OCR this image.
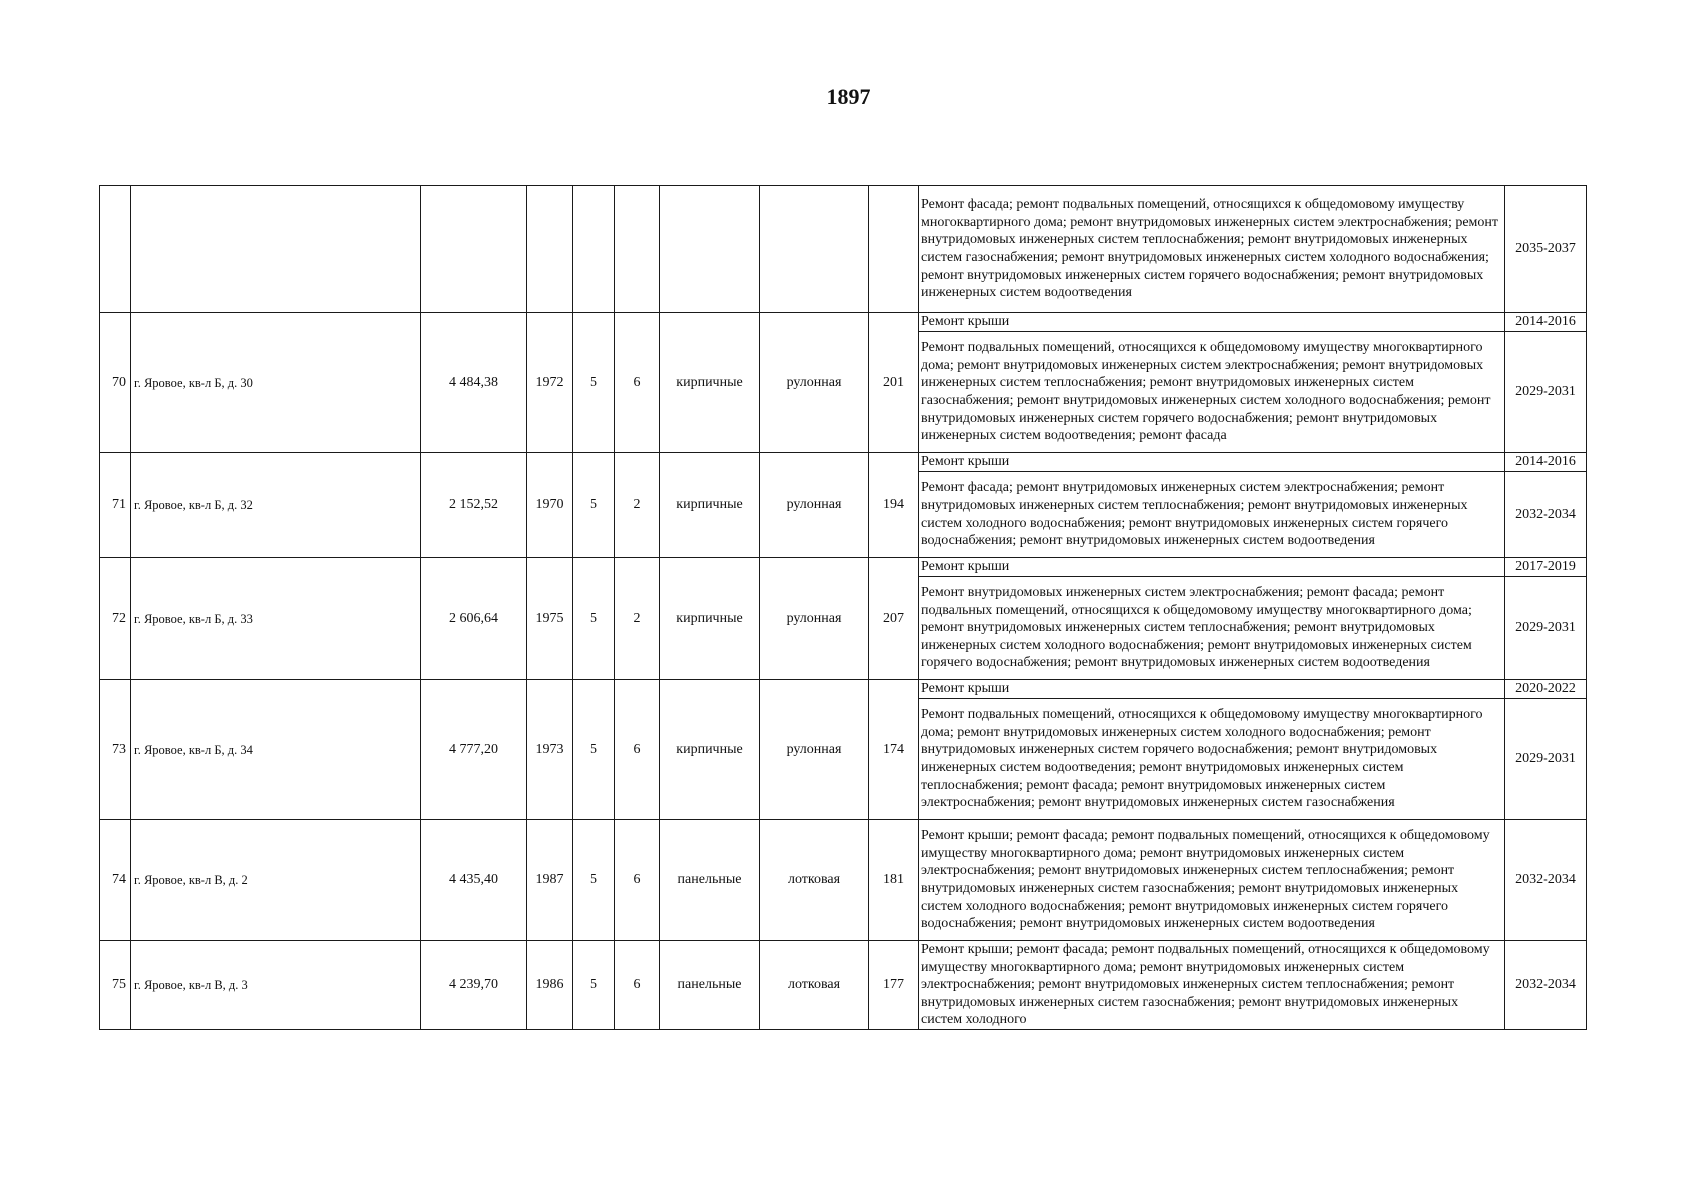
1897
									Ремонт фасада; ремонт подвальных помещений, относящихся к общедомовому имуществу многоквартирного дома; ремонт внутридомовых инженерных систем электроснабжения; ремонт внутридомовых инженерных систем теплоснабжения; ремонт внутридомовых инженерных систем газоснабжения; ремонт внутридомовых инженерных систем холодного водоснабжения; ремонт внутридомовых инженерных систем горячего водоснабжения; ремонт внутридомовых инженерных систем водоотведения	2035-2037
70	г. Яровое, кв-л Б, д. 30	4 484,38	1972	5	6	кирпичные	рулонная	201	Ремонт крыши	2014-2016
									Ремонт подвальных помещений, относящихся к общедомовому имуществу многоквартирного дома; ремонт внутридомовых инженерных систем электроснабжения; ремонт внутридомовых инженерных систем теплоснабжения; ремонт внутридомовых инженерных систем газоснабжения; ремонт внутридомовых инженерных систем холодного водоснабжения; ремонт внутридомовых инженерных систем горячего водоснабжения; ремонт внутридомовых инженерных систем водоотведения; ремонт фасада	2029-2031
71	г. Яровое, кв-л Б, д. 32	2 152,52	1970	5	2	кирпичные	рулонная	194	Ремонт крыши	2014-2016
									Ремонт фасада; ремонт внутридомовых инженерных систем электроснабжения; ремонт внутридомовых инженерных систем теплоснабжения; ремонт внутридомовых инженерных систем холодного водоснабжения; ремонт внутридомовых инженерных систем горячего водоснабжения; ремонт внутридомовых инженерных систем водоотведения	2032-2034
72	г. Яровое, кв-л Б, д. 33	2 606,64	1975	5	2	кирпичные	рулонная	207	Ремонт крыши	2017-2019
									Ремонт внутридомовых инженерных систем электроснабжения; ремонт фасада; ремонт подвальных помещений, относящихся к общедомовому имуществу многоквартирного дома; ремонт внутридомовых инженерных систем теплоснабжения; ремонт внутридомовых инженерных систем холодного водоснабжения; ремонт внутридомовых инженерных систем горячего водоснабжения; ремонт внутридомовых инженерных систем водоотведения	2029-2031
73	г. Яровое, кв-л Б, д. 34	4 777,20	1973	5	6	кирпичные	рулонная	174	Ремонт крыши	2020-2022
									Ремонт подвальных помещений, относящихся к общедомовому имуществу многоквартирного дома; ремонт внутридомовых инженерных систем холодного водоснабжения; ремонт внутридомовых инженерных систем горячего водоснабжения; ремонт внутридомовых инженерных систем водоотведения; ремонт внутридомовых инженерных систем теплоснабжения; ремонт фасада; ремонт внутридомовых инженерных систем электроснабжения; ремонт внутридомовых инженерных систем газоснабжения	2029-2031
74	г. Яровое, кв-л В, д. 2	4 435,40	1987	5	6	панельные	лотковая	181	Ремонт крыши; ремонт фасада; ремонт подвальных помещений, относящихся к общедомовому имуществу многоквартирного дома; ремонт внутридомовых инженерных систем электроснабжения; ремонт внутридомовых инженерных систем теплоснабжения; ремонт внутридомовых инженерных систем газоснабжения; ремонт внутридомовых инженерных систем холодного водоснабжения; ремонт внутридомовых инженерных систем горячего водоснабжения; ремонт внутридомовых инженерных систем водоотведения	2032-2034
75	г. Яровое, кв-л В, д. 3	4 239,70	1986	5	6	панельные	лотковая	177	Ремонт крыши; ремонт фасада; ремонт подвальных помещений, относящихся к общедомовому имуществу многоквартирного дома; ремонт внутридомовых инженерных систем электроснабжения; ремонт внутридомовых инженерных систем теплоснабжения; ремонт внутридомовых инженерных систем газоснабжения; ремонт внутридомовых инженерных систем холодного	2032-2034
